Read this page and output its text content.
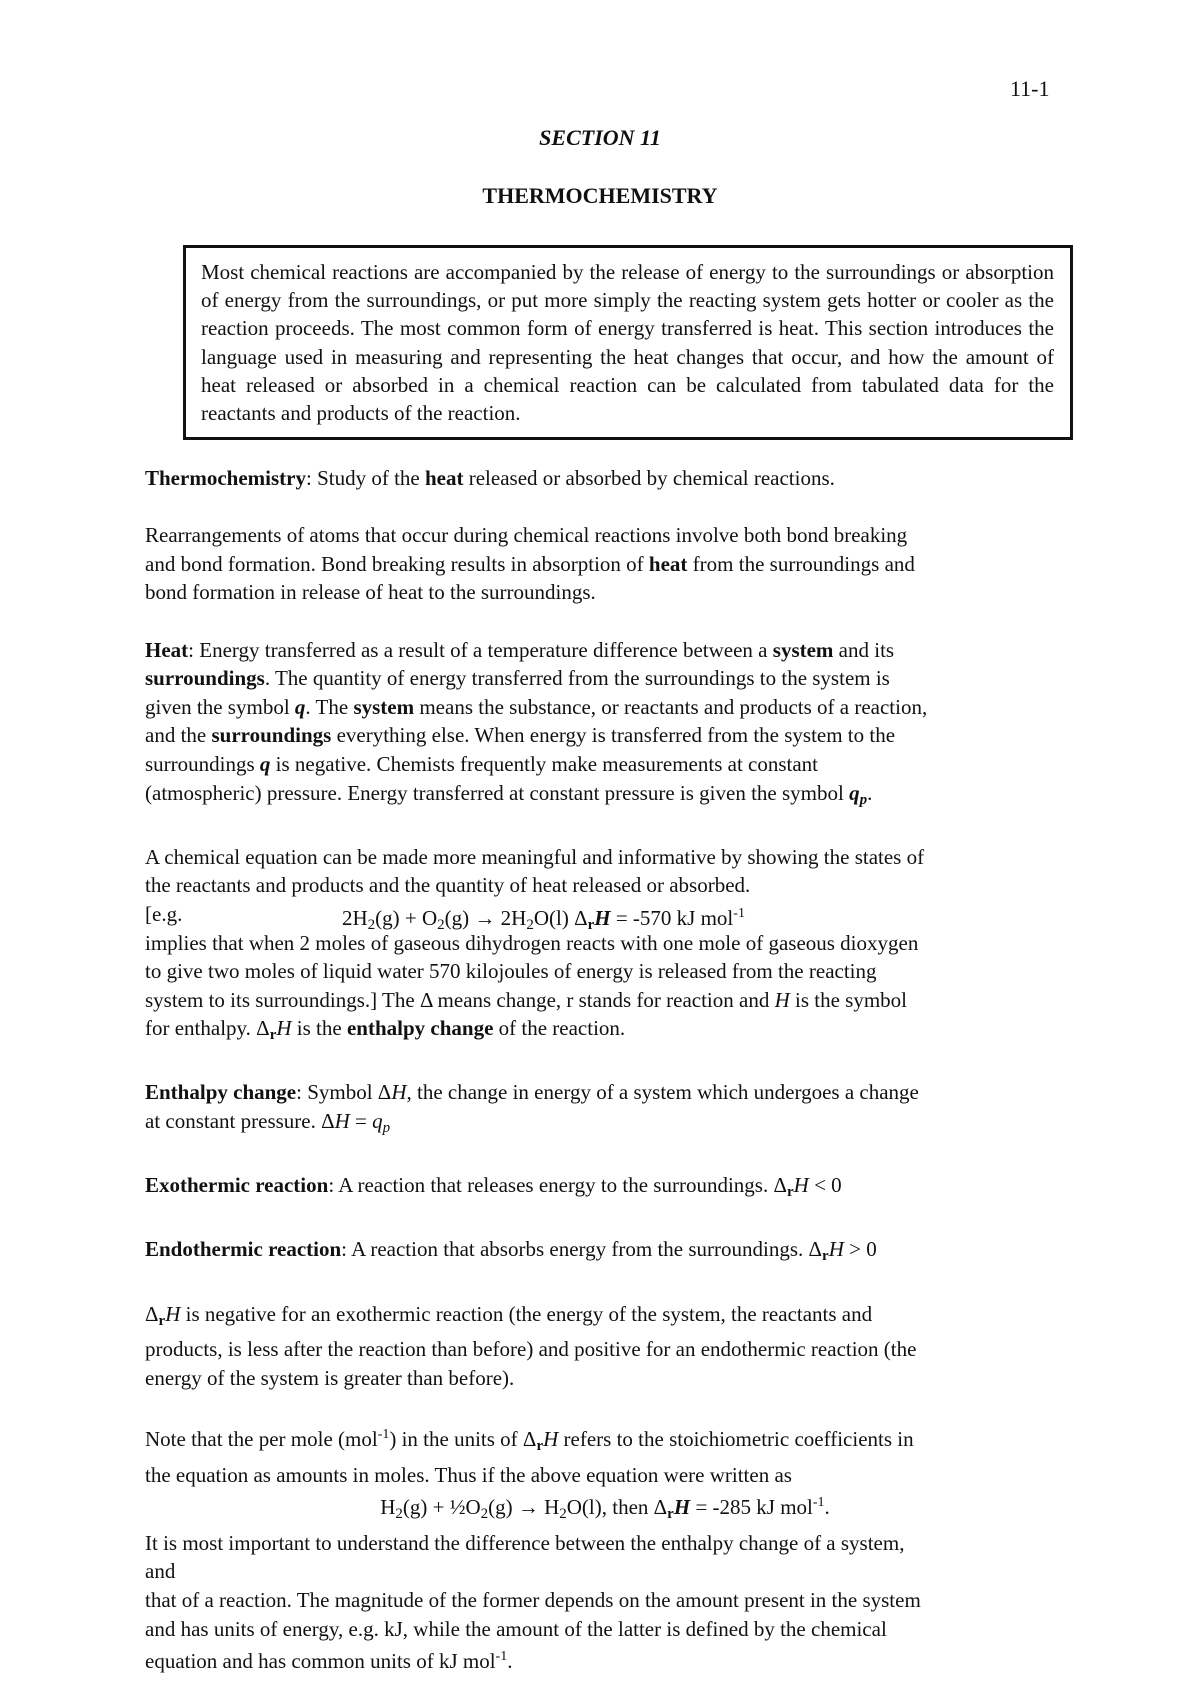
11-1
SECTION 11
THERMOCHEMISTRY

Most chemical reactions are accompanied by the release of energy to the surroundings or absorption of energy from the surroundings, or put more simply the reacting system gets hotter or cooler as the reaction proceeds. The most common form of energy transferred is heat. This section introduces the language used in measuring and representing the heat changes that occur, and how the amount of heat released or absorbed in a chemical reaction can be calculated from tabulated data for the reactants and products of the reaction.

Thermochemistry: Study of the heat released or absorbed by chemical reactions.

Rearrangements of atoms that occur during chemical reactions involve both bond breaking
and bond formation. Bond breaking results in absorption of heat from the surroundings and
bond formation in release of heat to the surroundings.

Heat: Energy transferred as a result of a temperature difference between a system and its
surroundings. The quantity of energy transferred from the surroundings to the system is
given the symbol q. The system means the substance, or reactants and products of a reaction,
and the surroundings everything else. When energy is transferred from the system to the
surroundings q is negative. Chemists frequently make measurements at constant
(atmospheric) pressure. Energy transferred at constant pressure is given the symbol $q_p$.

A chemical equation can be made more meaningful and informative by showing the states of
the reactants and products and the quantity of heat released or absorbed.
[e.g.	$2H_2(g) + O_2(g) \to 2H_2O(l) \Delta_rH = -570$ kJ mol$^{-1}$

implies that when 2 moles of gaseous dihydrogen reacts with one mole of gaseous dioxygen
to give two moles of liquid water 570 kilojoules of energy is released from the reacting
system to its surroundings.] The Δ means change, r stands for reaction and H is the symbol
for enthalpy. $\Delta_rH$ is the enthalpy change of the reaction.

Enthalpy change: Symbol ΔH, the change in energy of a system which undergoes a change
at constant pressure. $\Delta H = q_p$

Exothermic reaction: A reaction that releases energy to the surroundings. $\Delta_rH < 0$

Endothermic reaction: A reaction that absorbs energy from the surroundings. $\Delta_rH > 0$

$\Delta_rH$ is negative for an exothermic reaction (the energy of the system, the reactants and
products, is less after the reaction than before) and positive for an endothermic reaction (the
energy of the system is greater than before).

Note that the per mole (mol$^{-1}$) in the units of $\Delta_rH$ refers to the stoichiometric coefficients in
the equation as amounts in moles. Thus if the above equation were written as
$H_2(g)$ + $\frac{1}{2}O_2(g) \to H_2O(l)$, then $\Delta_rH = -285$ kJ mol$^{-1}$.
It is most important to understand the difference between the enthalpy change of a system,
and
that of a reaction. The magnitude of the former depends on the amount present in the system
and has units of energy, e.g. kJ, while the amount of the latter is defined by the chemical
equation and has common units of kJ mol$^{-1}$.
